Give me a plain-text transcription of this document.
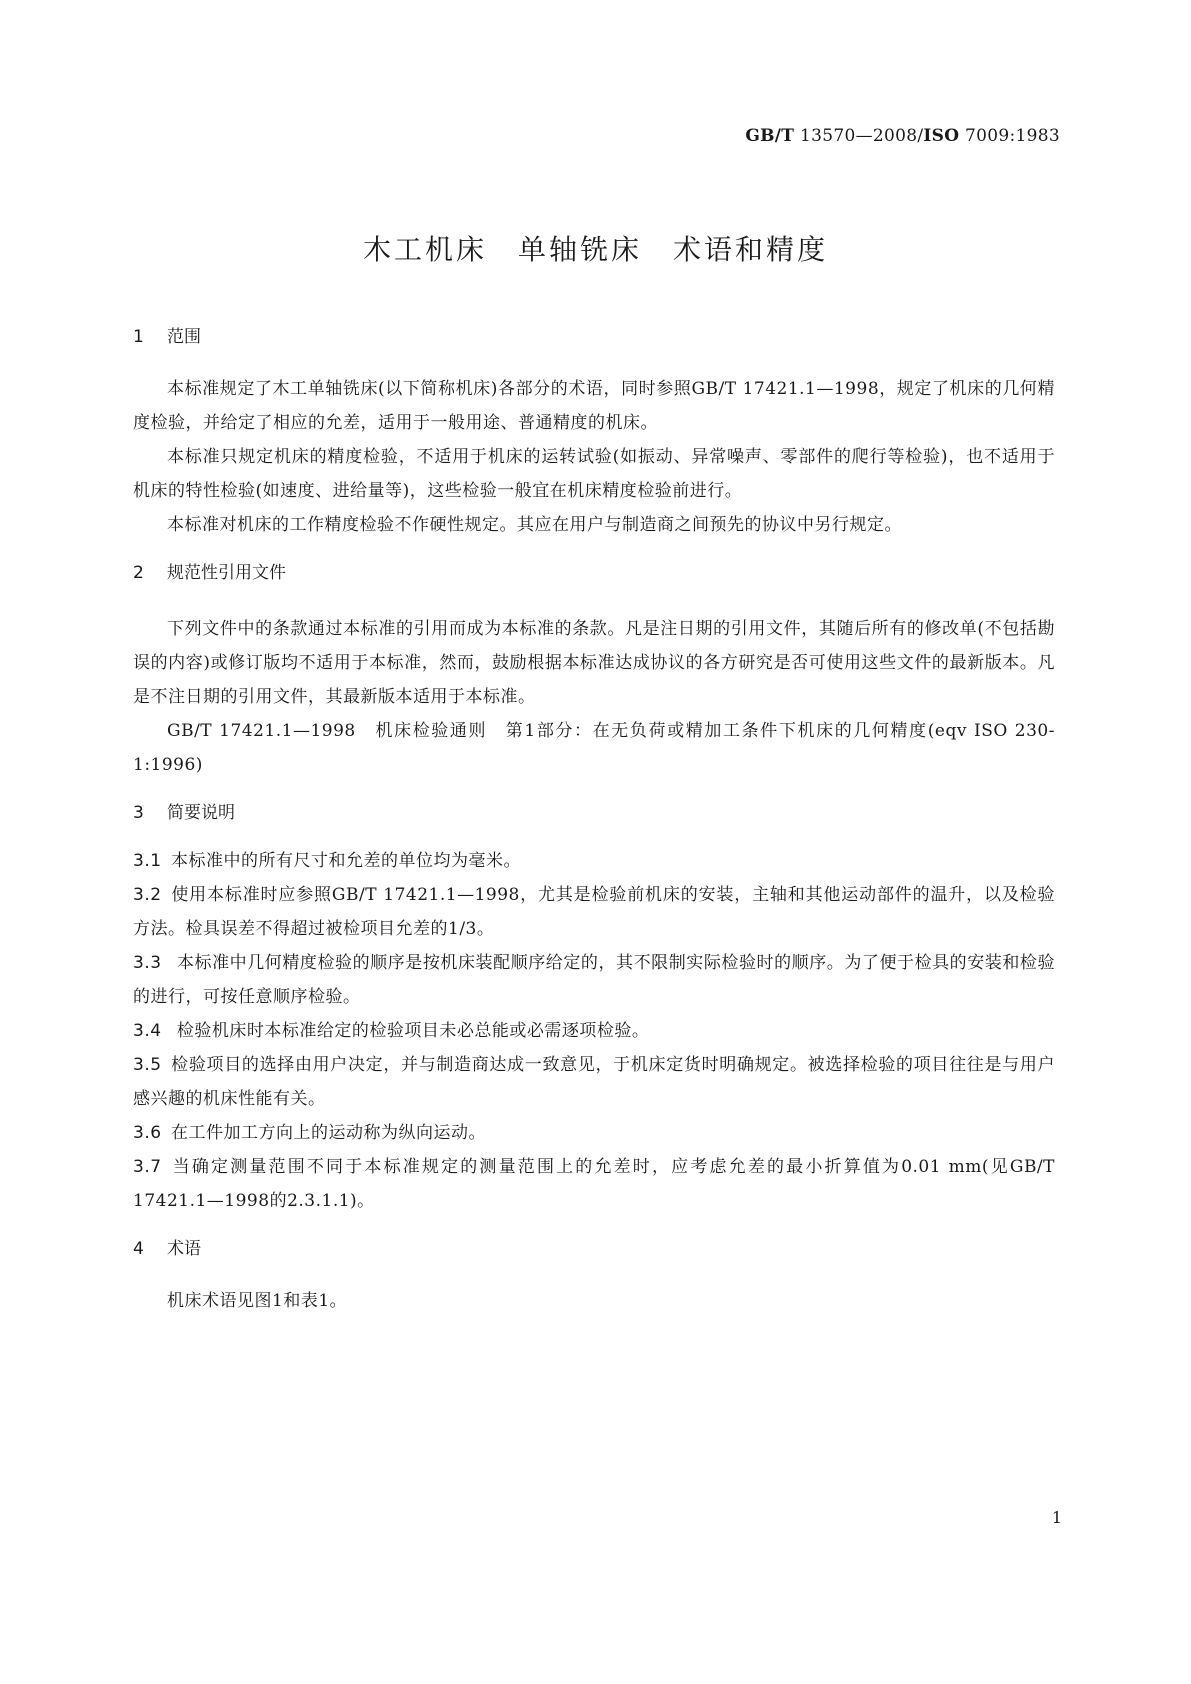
GB/T 13570—2008/ISO 7009:1983
木工机床　单轴铣床　术语和精度
1 范围

本标准规定了木工单轴铣床(以下简称机床)各部分的术语，同时参照GB/T 17421.1—1998，规定了机床的几何精度检验，并给定了相应的允差，适用于一般用途、普通精度的机床。

本标准只规定机床的精度检验，不适用于机床的运转试验(如振动、异常噪声、零部件的爬行等检验)，也不适用于机床的特性检验(如速度、进给量等)，这些检验一般宜在机床精度检验前进行。

本标准对机床的工作精度检验不作硬性规定。其应在用户与制造商之间预先的协议中另行规定。

2 规范性引用文件

下列文件中的条款通过本标准的引用而成为本标准的条款。凡是注日期的引用文件，其随后所有的修改单(不包括勘误的内容)或修订版均不适用于本标准，然而，鼓励根据本标准达成协议的各方研究是否可使用这些文件的最新版本。凡是不注日期的引用文件，其最新版本适用于本标准。

GB/T 17421.1—1998　机床检验通则　第1部分：在无负荷或精加工条件下机床的几何精度(eqv ISO 230-1:1996)

3 简要说明

3.1 本标准中的所有尺寸和允差的单位均为毫米。

3.2 使用本标准时应参照GB/T 17421.1—1998，尤其是检验前机床的安装，主轴和其他运动部件的温升，以及检验方法。检具误差不得超过被检项目允差的1/3。

3.3 本标准中几何精度检验的顺序是按机床装配顺序给定的，其不限制实际检验时的顺序。为了便于检具的安装和检验的进行，可按任意顺序检验。

3.4 检验机床时本标准给定的检验项目未必总能或必需逐项检验。

3.5 检验项目的选择由用户决定，并与制造商达成一致意见，于机床定货时明确规定。被选择检验的项目往往是与用户感兴趣的机床性能有关。

3.6 在工件加工方向上的运动称为纵向运动。

3.7 当确定测量范围不同于本标准规定的测量范围上的允差时，应考虑允差的最小折算值为0.01 mm(见GB/T 17421.1—1998的2.3.1.1)。

4 术语

机床术语见图1和表1。

1
